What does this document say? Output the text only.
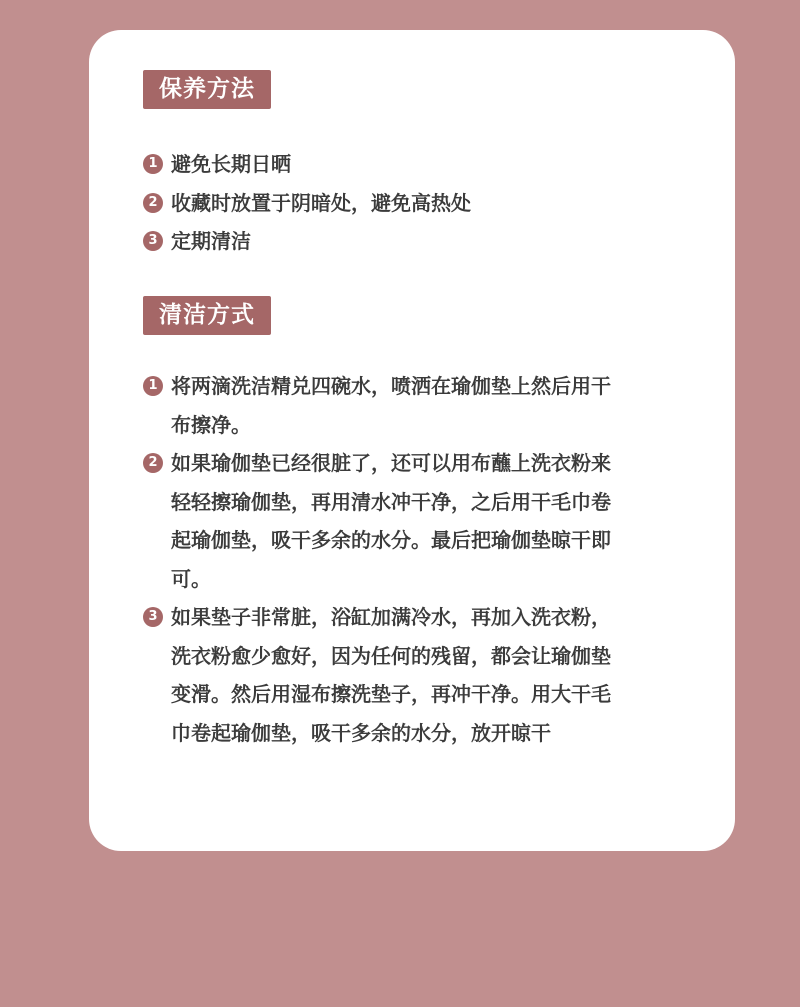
保养方法
1 避免长期日晒
2 收藏时放置于阴暗处，避免高热处
3 定期清洁
清洁方式
1 将两滴洗洁精兑四碗水，喷洒在瑜伽垫上然后用干布擦净。
2 如果瑜伽垫已经很脏了，还可以用布蘸上洗衣粉来轻轻擦瑜伽垫，再用清水冲干净，之后用干毛巾卷起瑜伽垫，吸干多余的水分。最后把瑜伽垫晾干即可。
3 如果垫子非常脏，浴缸加满冷水，再加入洗衣粉，洗衣粉愈少愈好，因为任何的残留，都会让瑜伽垫变滑。然后用湿布擦洗垫子，再冲干净。用大干毛巾卷起瑜伽垫，吸干多余的水分，放开晾干
